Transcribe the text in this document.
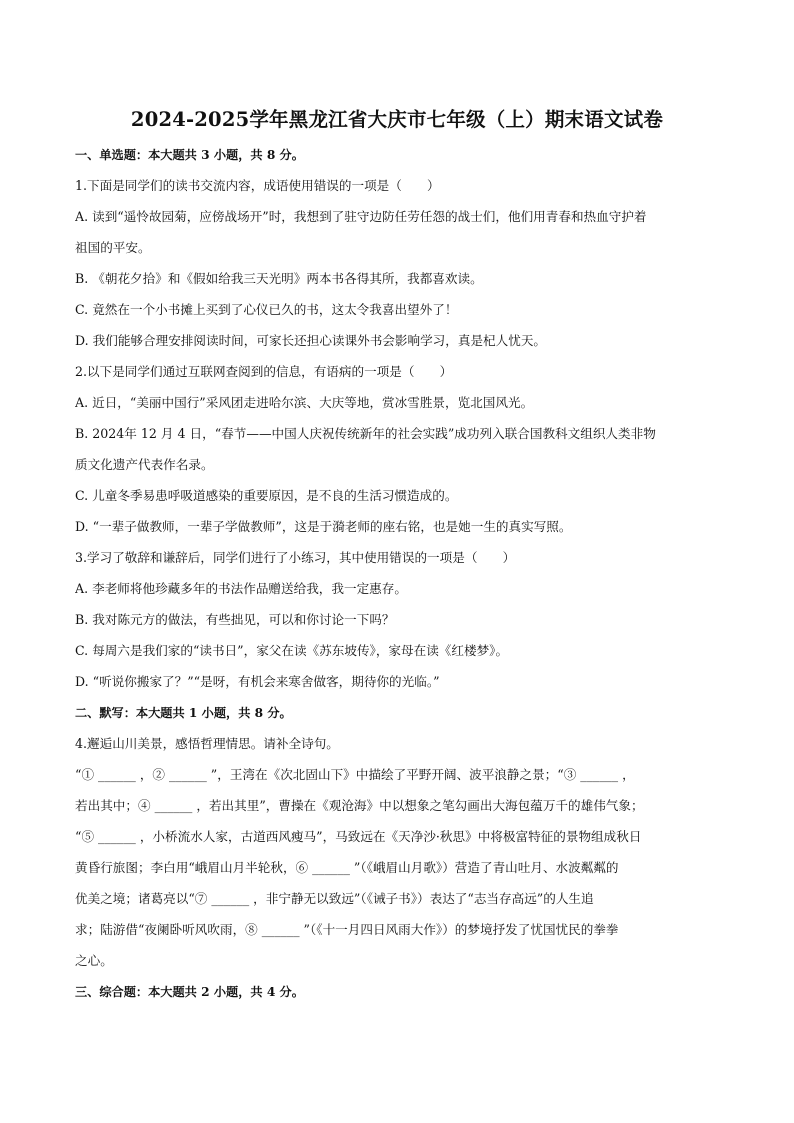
2024-2025学年黑龙江省大庆市七年级（上）期末语文试卷
一、单选题：本大题共 3 小题，共 8 分。
1.下面是同学们的读书交流内容，成语使用错误的一项是（　　）
A. 读到“遥怜故园菊，应傍战场开”时，我想到了驻守边防任劳任怨的战士们，他们用青春和热血守护着
祖国的平安。
B. 《朝花夕拾》和《假如给我三天光明》两本书各得其所，我都喜欢读。
C. 竟然在一个小书摊上买到了心仪已久的书，这太令我喜出望外了！
D. 我们能够合理安排阅读时间，可家长还担心读课外书会影响学习，真是杞人忧天。
2.以下是同学们通过互联网查阅到的信息，有语病的一项是（　　）
A. 近日，“美丽中国行”采风团走进哈尔滨、大庆等地，赏冰雪胜景，览北国风光。
B. 2024年 12 月 4 日，“春节——中国人庆祝传统新年的社会实践”成功列入联合国教科文组织人类非物
质文化遗产代表作名录。
C. 儿童冬季易患呼吸道感染的重要原因，是不良的生活习惯造成的。
D. “一辈子做教师，一辈子学做教师”，这是于漪老师的座右铭，也是她一生的真实写照。
3.学习了敬辞和谦辞后，同学们进行了小练习，其中使用错误的一项是（　　）
A. 李老师将他珍藏多年的书法作品赠送给我，我一定惠存。
B. 我对陈元方的做法，有些拙见，可以和你讨论一下吗？
C. 每周六是我们家的“读书日”，家父在读《苏东坡传》，家母在读《红楼梦》。
D. “听说你搬家了？”“是呀，有机会来寒舍做客，期待你的光临。”
二、默写：本大题共 1 小题，共 8 分。
4.邂逅山川美景，感悟哲理情思。请补全诗句。
“① ______ ，② ______ ”，王湾在《次北固山下》中描绘了平野开阔、波平浪静之景；“③ ______ ，
若出其中；④ ______ ，若出其里”，曹操在《观沧海》中以想象之笔勾画出大海包蕴万千的雄伟气象；
“⑤ ______ ，小桥流水人家，古道西风瘦马”，马致远在《天净沙·秋思》中将极富特征的景物组成秋日
黄昏行旅图；李白用“峨眉山月半轮秋，⑥ ______ ”（《峨眉山月歌》）营造了青山吐月、水波粼粼的
优美之境；诸葛亮以“⑦ ______ ，非宁静无以致远”（《诫子书》）表达了“志当存高远”的人生追
求；陆游借“夜阑卧听风吹雨，⑧ ______ ”（《十一月四日风雨大作》）的梦境抒发了忧国忧民的拳拳
之心。
三、综合题：本大题共 2 小题，共 4 分。
